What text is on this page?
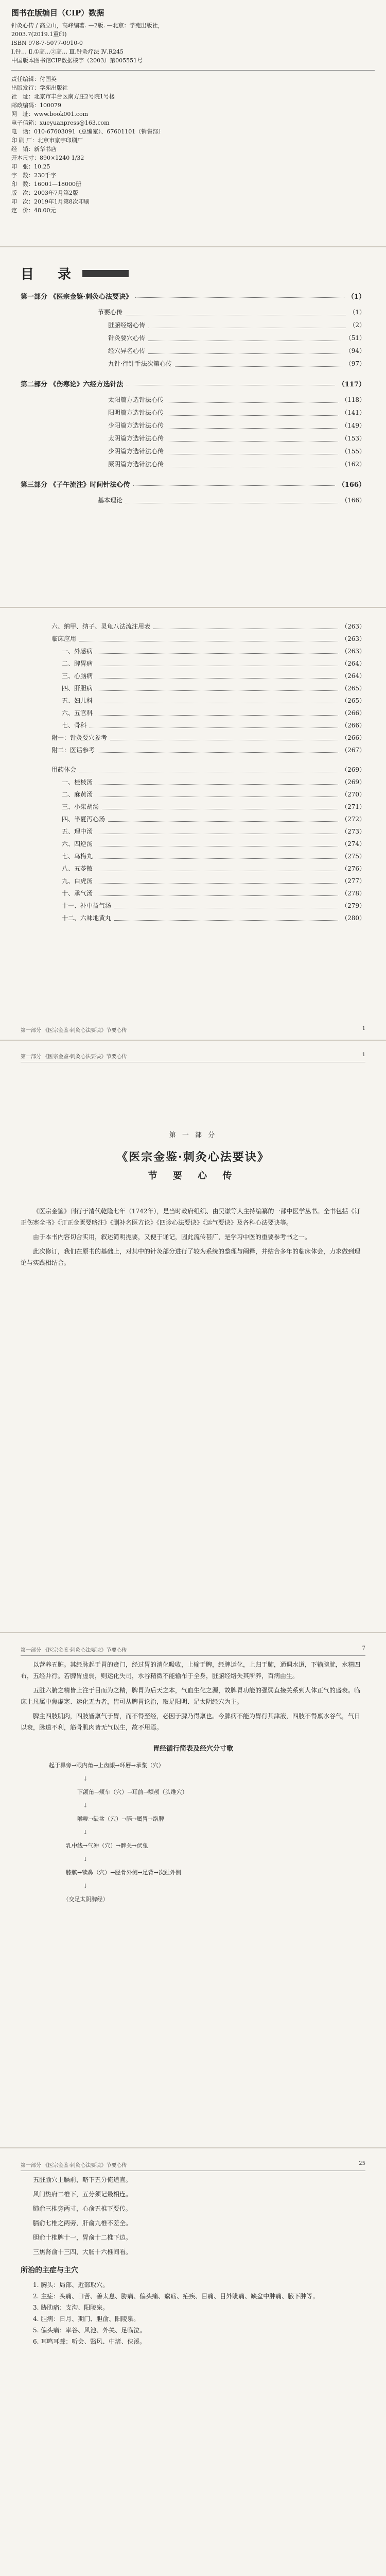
图书在版编目（CIP）数据
针灸心传 / 高立山，高峰编著. —2版. —北京：学苑出版社，
2003.7(2019.1重印)
ISBN 978-7-5077-0910-0
Ⅰ.针… Ⅱ.①高…②高… Ⅲ.针灸疗法 Ⅳ.R245
中国版本图书馆CIP数据核字（2003）第005551号
责任编辑：付国英
出版发行：学苑出版社
社　址：北京市丰台区南方庄2号院1号楼
邮政编码：100079
网　址：www.book001.com
电子信箱：xueyuanpress@163.com
电　话：010-67603091（总编室）、67601101（销售部）
印 刷 厂：北京市京宇印刷厂
经　销：新华书店
开本尺寸：890×1240 1/32
印　张：10.25
字　数：230千字
印　数：16001—18000册
版　次：2003年7月第2版
印　次：2019年1月第8次印刷
定　价：48.00元
目　录
第一部分 《医宗金鉴·刺灸心法要诀》	（1）
节要心传	（1）
脏腑经络心传	（2）
针灸要穴心传	（51）
经穴异名心传	（94）
九针·行针手法次第心传	（97）
第二部分 《伤寒论》六经方选针法	（117）
太阳篇方选针法心传	（118）
阳明篇方选针法心传	（141）
少阳篇方选针法心传	（149）
太阴篇方选针法心传	（153）
少阴篇方选针法心传	（155）
厥阴篇方选针法心传	（162）
第三部分 《子午流注》时间针法心传	（166）
基本理论	（166）
六、纳甲、纳子、灵龟八法流注用表	（263）
临床应用	（263）
一、外感病	（263）
二、脾胃病	（264）
三、心脑病	（264）
四、肝胆病	（265）
五、妇儿科	（265）
六、五官科	（266）
七、骨科	（266）
附一：针灸要穴参考	（266）
附二：医话参考	（267）
用药体会	（269）
一、桂枝汤	（269）
二、麻黄汤	（270）
三、小柴胡汤	（271）
四、半夏泻心汤	（272）
五、理中汤	（273）
六、四逆汤	（274）
七、乌梅丸	（275）
八、五苓散	（276）
九、白虎汤	（277）
十、承气汤	（278）
十一、补中益气汤	（279）
十二、六味地黄丸	（280）
第一部分 《医宗金鉴·刺灸心法要诀》节要心传	1
第一部分 《医宗金鉴·刺灸心法要诀》节要心传	1
第 一 部 分
《医宗金鉴·刺灸心法要诀》
节 要 心 传
《医宗金鉴》刊行于清代乾隆七年（1742年），是当时政府组织、由吴谦等人主持编纂的一部中医学丛书。全书包括《订正伤寒全书》《订正金匮要略注》《删补名医方论》《四诊心法要诀》《运气要诀》及各科心法要诀等。
由于本书内容切合实用，叙述简明扼要，又便于诵记，因此流传甚广，是学习中医的重要参考书之一。
此次修订，我们在原书的基础上，对其中的针灸部分进行了较为系统的整理与阐释，并结合多年的临床体会，力求做到理论与实践相结合。
第一部分 《医宗金鉴·刺灸心法要诀》节要心传	7
以营养五脏。其经脉起于胃的贲门，经过胃的消化吸收，上输于脾，经脾运化，上归于肺，通调水道，下输膀胱，水精四布，五经并行。若脾胃虚弱，则运化失司，水谷精微不能输布于全身，脏腑经络失其所养，百病由生。
五脏六腑之精皆上注于目而为之精，脾胃为后天之本，气血生化之源，故脾胃功能的强弱直接关系到人体正气的盛衰。临床上凡属中焦虚寒、运化无力者，皆可从脾胃论治，取足阳明、足太阴经穴为主。
脾主四肢肌肉，四肢皆禀气于胃，而不得至经，必因于脾乃得禀也。今脾病不能为胃行其津液，四肢不得禀水谷气，气日以衰，脉道不利，筋骨肌肉皆无气以生，故不用焉。
胃经循行简表及经穴分寸歌
起于鼻旁→眼内角→上齿龈→环唇→承浆（穴）
　　　　　　↓
　　　　　下颌角→颊车（穴）→耳前→额颅（头维穴）
　　　　　　↓
　　　　　喉咙→缺盆（穴）→膈→属胃→络脾
　　　　　　↓
　　　乳中线→气冲（穴）→髀关→伏兔
　　　　　　↓
　　　膝膑→犊鼻（穴）→胫骨外侧→足背→次趾外侧
　　　　　　↓
　　　（交足太阴脾经）
第一部分 《医宗金鉴·刺灸心法要诀》节要心传	25
五脏腧穴上膈前，略下五分俺道直。
风门热府二椎下，五分须记最相连。
肺俞三椎旁两寸，心俞五椎下要传。
膈俞七椎之两旁，肝俞九椎不差全。
胆俞十椎脾十一，胃俞十二椎下边。
三焦肾俞十三四，大肠十六椎间看。
所治的主症与主穴
1. 胸头：局部、近部取穴。
2. 主症：头痛、口苦、善太息、胁痛、偏头痛、瘰疬、疟疾、目痛、目外眦痛、缺盆中肿痛、腋下肿等。
3. 胁肋痛：支沟、阳陵泉。
4. 胆病：日月、期门、胆俞、阳陵泉。
5. 偏头痛：率谷、风池、外关、足临泣。
6. 耳鸣耳聋：听会、翳风、中渚、侠溪。
